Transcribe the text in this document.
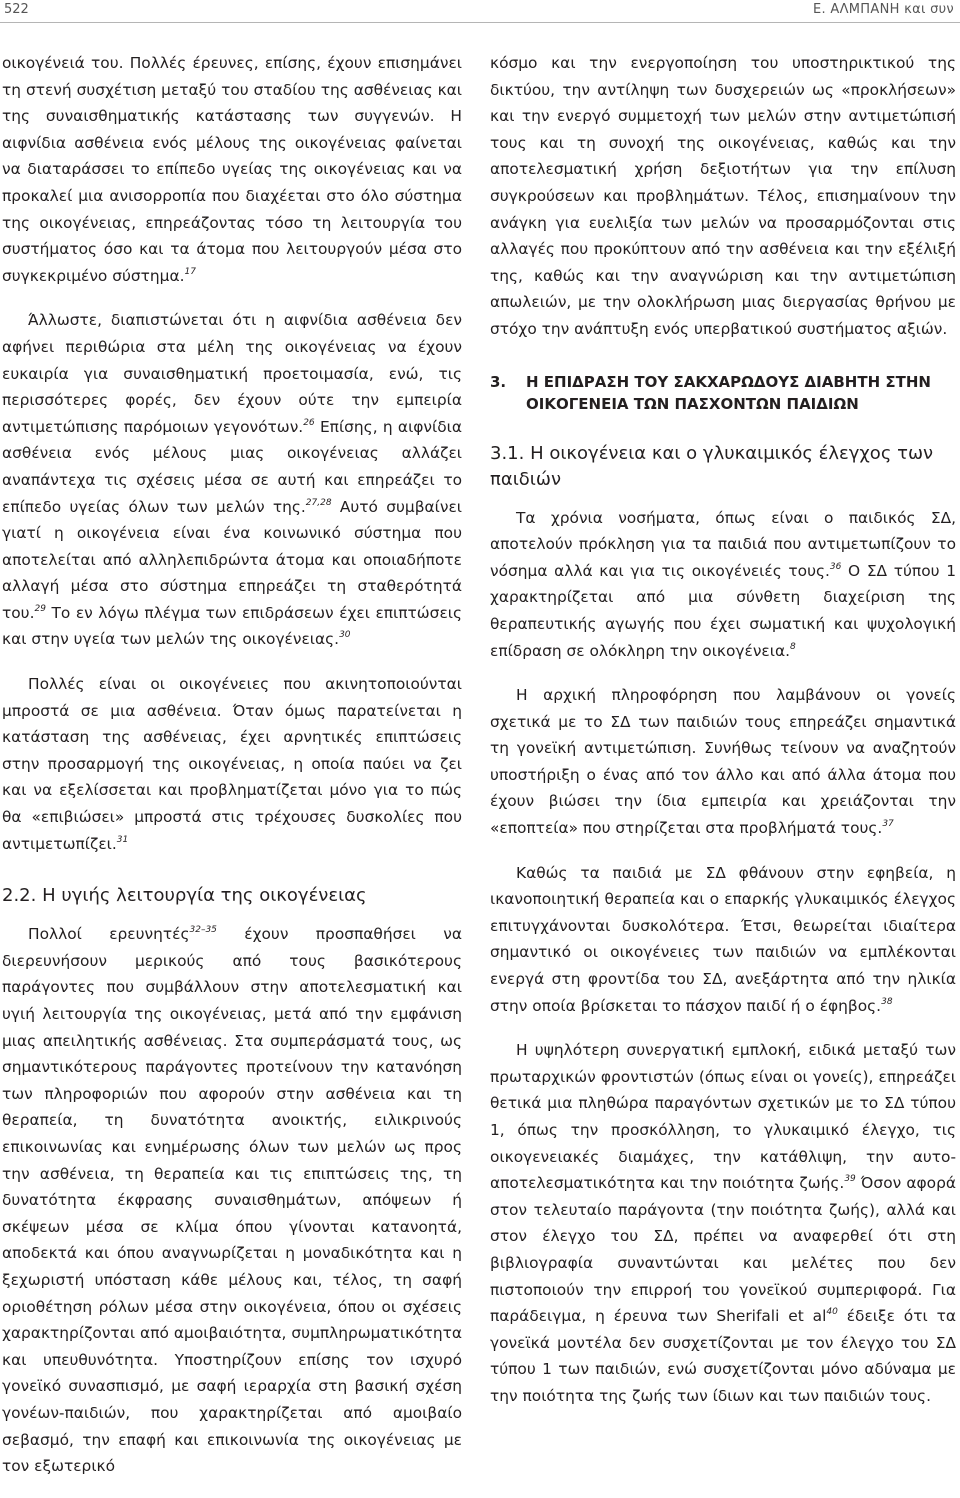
522	Ε. ΑΛΜΠΑΝΗ και συν

οικογένειά του. Πολλές έρευνες, επίσης, έχουν επισημάνει τη στενή συσχέτιση μεταξύ του σταδίου της ασθένειας και της συναισθηματικής κατάστασης των συγγενών. Η αιφνίδια ασθένεια ενός μέλους της οικογένειας φαίνεται να διαταράσσει το επίπεδο υγείας της οικογένειας και να προκαλεί μια ανισορροπία που διαχέεται στο όλο σύστημα της οικογένειας, επηρεάζοντας τόσο τη λειτουργία του συστήματος όσο και τα άτομα που λειτουργούν μέσα στο συγκεκριμένο σύστημα.$^{17}$

Άλλωστε, διαπιστώνεται ότι η αιφνίδια ασθένεια δεν αφήνει περιθώρια στα μέλη της οικογένειας να έχουν ευκαιρία για συναισθηματική προετοιμασία, ενώ, τις περισσότερες φορές, δεν έχουν ούτε την εμπειρία αντιμετώπισης παρόμοιων γεγονότων.$^{26}$ Επίσης, η αιφνίδια ασθένεια ενός μέλους μιας οικογένειας αλλάζει αναπάντεχα τις σχέσεις μέσα σε αυτή και επηρεάζει το επίπεδο υγείας όλων των μελών της.$^{27,28}$ Αυτό συμβαίνει γιατί η οικογένεια είναι ένα κοινωνικό σύστημα που αποτελείται από αλληλεπιδρώντα άτομα και οποιαδήποτε αλλαγή μέσα στο σύστημα επηρεάζει τη σταθερότητά του.$^{29}$ Το εν λόγω πλέγμα των επιδράσεων έχει επιπτώσεις και στην υγεία των μελών της οικογένειας.$^{30}$

Πολλές είναι οι οικογένειες που ακινητοποιούνται μπροστά σε μια ασθένεια. Όταν όμως παρατείνεται η κατάσταση της ασθένειας, έχει αρνητικές επιπτώσεις στην προσαρμογή της οικογένειας, η οποία παύει να ζει και να εξελίσσεται και προβληματίζεται μόνο για το πώς θα «επιβιώσει» μπροστά στις τρέχουσες δυσκολίες που αντιμετωπίζει.$^{31}$

2.2. Η υγιής λειτουργία της οικογένειας

Πολλοί ερευνητές$^{32-35}$ έχουν προσπαθήσει να διερευνήσουν μερικούς από τους βασικότερους παράγοντες που συμβάλλουν στην αποτελεσματική και υγιή λειτουργία της οικογένειας, μετά από την εμφάνιση μιας απειλητικής ασθένειας. Στα συμπεράσματά τους, ως σημαντικότερους παράγοντες προτείνουν την κατανόηση των πληροφοριών που αφορούν στην ασθένεια και τη θεραπεία, τη δυνατότητα ανοικτής, ειλικρινούς επικοινωνίας και ενημέρωσης όλων των μελών ως προς την ασθένεια, τη θεραπεία και τις επιπτώσεις της, τη δυνατότητα έκφρασης συναισθημάτων, απόψεων ή σκέψεων μέσα σε κλίμα όπου γίνονται κατανοητά, αποδεκτά και όπου αναγνωρίζεται η μοναδικότητα και η ξεχωριστή υπόσταση κάθε μέλους και, τέλος, τη σαφή οριοθέτηση ρόλων μέσα στην οικογένεια, όπου οι σχέσεις χαρακτηρίζονται από αμοιβαιότητα, συμπληρωματικότητα και υπευθυνότητα. Υποστηρίζουν επίσης τον ισχυρό γονεϊκό συνασπισμό, με σαφή ιεραρχία στη βασική σχέση γονέων-παιδιών, που χαρακτηρίζεται από αμοιβαίο σεβασμό, την επαφή και επικοινωνία της οικογένειας με τον εξωτερικό

κόσμο και την ενεργοποίηση του υποστηρικτικού της δικτύου, την αντίληψη των δυσχερειών ως «προκλήσεων» και την ενεργό συμμετοχή των μελών στην αντιμετώπισή τους και τη συνοχή της οικογένειας, καθώς και την αποτελεσματική χρήση δεξιοτήτων για την επίλυση συγκρούσεων και προβλημάτων. Τέλος, επισημαίνουν την ανάγκη για ευελιξία των μελών να προσαρμόζονται στις αλλαγές που προκύπτουν από την ασθένεια και την εξέλιξή της, καθώς και την αναγνώριση και την αντιμετώπιση απωλειών, με την ολοκλήρωση μιας διεργασίας θρήνου με στόχο την ανάπτυξη ενός υπερβατικού συστήματος αξιών.

3.	Η ΕΠΙΔΡΑΣΗ ΤΟΥ ΣΑΚΧΑΡΩΔΟΥΣ ΔΙΑΒΗΤΗ ΣΤΗΝ ΟΙΚΟΓΕΝΕΙΑ ΤΩΝ ΠΑΣΧΟΝΤΩΝ ΠΑΙΔΙΩΝ
3.1. Η οικογένεια και ο γλυκαιμικός έλεγχος των παιδιών

Τα χρόνια νοσήματα, όπως είναι ο παιδικός ΣΔ, αποτελούν πρόκληση για τα παιδιά που αντιμετωπίζουν το νόσημα αλλά και για τις οικογένειές τους.$^{36}$ Ο ΣΔ τύπου 1 χαρακτηρίζεται από μια σύνθετη διαχείριση της θεραπευτικής αγωγής που έχει σωματική και ψυχολογική επίδραση σε ολόκληρη την οικογένεια.$^8$

Η αρχική πληροφόρηση που λαμβάνουν οι γονείς σχετικά με το ΣΔ των παιδιών τους επηρεάζει σημαντικά τη γονεϊκή αντιμετώπιση. Συνήθως τείνουν να αναζητούν υποστήριξη ο ένας από τον άλλο και από άλλα άτομα που έχουν βιώσει την ίδια εμπειρία και χρειάζονται την «εποπτεία» που στηρίζεται στα προβλήματά τους.$^{37}$

Καθώς τα παιδιά με ΣΔ φθάνουν στην εφηβεία, η ικανοποιητική θεραπεία και ο επαρκής γλυκαιμικός έλεγχος επιτυγχάνονται δυσκολότερα. Έτσι, θεωρείται ιδιαίτερα σημαντικό οι οικογένειες των παιδιών να εμπλέκονται ενεργά στη φροντίδα του ΣΔ, ανεξάρτητα από την ηλικία στην οποία βρίσκεται το πάσχον παιδί ή ο έφηβος.$^{38}$

Η υψηλότερη συνεργατική εμπλοκή, ειδικά μεταξύ των πρωταρχικών φροντιστών (όπως είναι οι γονείς), επηρεάζει θετικά μια πληθώρα παραγόντων σχετικών με το ΣΔ τύπου 1, όπως την προσκόλληση, το γλυκαιμικό έλεγχο, τις οικογενειακές διαμάχες, την κατάθλιψη, την αυτο-αποτελεσματικότητα και την ποιότητα ζωής.$^{39}$ Όσον αφορά στον τελευταίο παράγοντα (την ποιότητα ζωής), αλλά και στον έλεγχο του ΣΔ, πρέπει να αναφερθεί ότι στη βιβλιογραφία συναντώνται και μελέτες που δεν πιστοποιούν την επιρροή του γονεϊκού συμπεριφορά. Για παράδειγμα, η έρευνα των Sherifali et $al^{40}$ έδειξε ότι τα γονεϊκά μοντέλα δεν συσχετίζονται με τον έλεγχο του ΣΔ τύπου 1 των παιδιών, ενώ συσχετίζονται μόνο αδύναμα με την ποιότητα της ζωής των ίδιων και των παιδιών τους.
